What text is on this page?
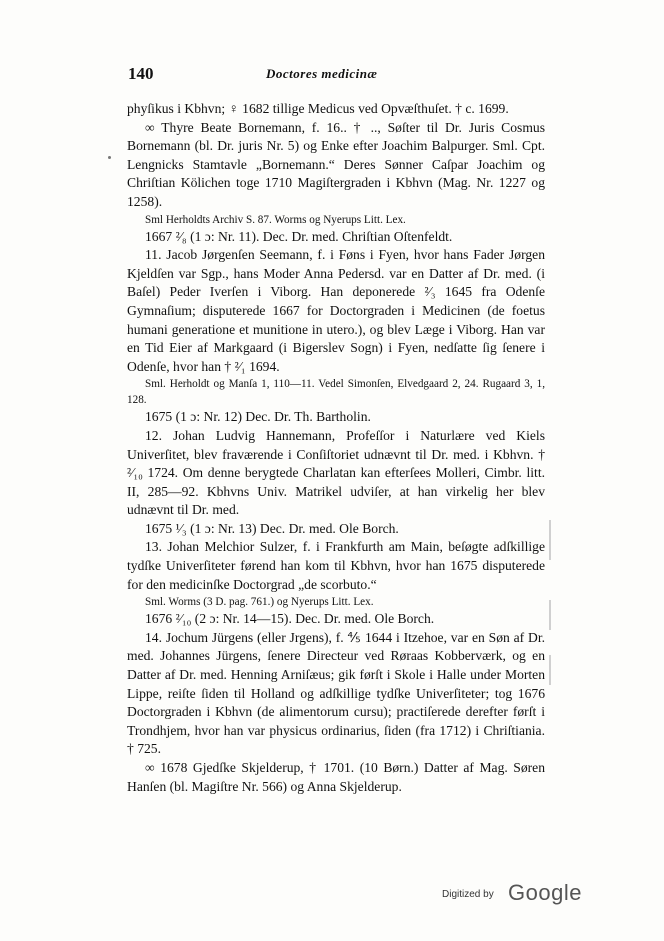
140	Doctores medicinæ

phyſikus i Kbhvn; ♀ 1682 tillige Medicus ved Opvæſthuſet. † c. 1699.

∞ Thyre Beate Bornemann, f. 16.. † .., Søſter til Dr. Juris Cosmus Bornemann (bl. Dr. juris Nr. 5) og Enke efter Joachim Balpurger. Sml. Cpt. Lengnicks Stamtavle „Bornemann.“ Deres Sønner Caſpar Joachim og Chriſtian Kölichen toge 1710 Magiſtergraden i Kbhvn (Mag. Nr. 1227 og 1258).

Sml Herholdts Archiv S. 87. Worms og Nyerups Litt. Lex.

1667 ²⁄₈ (1 ɔ: Nr. 11). Dec. Dr. med. Chriſtian Oſtenfeldt.

11. Jacob Jørgenſen Seemann, f. i Føns i Fyen, hvor hans Fader Jørgen Kjeldſen var Sgp., hans Moder Anna Pedersd. var en Datter af Dr. med. (i Baſel) Peder Iverſen i Viborg. Han deponerede ²⁄₃ 1645 fra Odenſe Gymnaſium; disputerede 1667 for Doctorgraden i Medicinen (de foetus humani generatione et munitione in utero.), og blev Læge i Viborg. Han var en Tid Eier af Markgaard (i Bigerslev Sogn) i Fyen, nedſatte ſig ſenere i Odenſe, hvor han † ²⁄₁ 1694.

Sml. Herholdt og Manſa 1, 110—11. Vedel Simonſen, Elvedgaard 2, 24. Rugaard 3, 1, 128.

1675 (1 ɔ: Nr. 12) Dec. Dr. Th. Bartholin.

12. Johan Ludvig Hannemann, Profeſſor i Naturlære ved Kiels Univerſitet, blev fraværende i Conſiſtoriet udnævnt til Dr. med. i Kbhvn. † ²⁄₁₀ 1724. Om denne berygtede Charlatan kan efterſees Molleri, Cimbr. litt. II, 285—92. Kbhvns Univ. Matrikel udviſer, at han virkelig her blev udnævnt til Dr. med.

1675 ¹⁄₃ (1 ɔ: Nr. 13) Dec. Dr. med. Ole Borch.

13. Johan Melchior Sulzer, f. i Frankfurth am Main, beſøgte adſkillige tydſke Univerſiteter førend han kom til Kbhvn, hvor han 1675 disputerede for den medicinſke Doctorgrad „de scorbuto.“

Sml. Worms (3 D. pag. 761.) og Nyerups Litt. Lex.

1676 ²⁄₁₀ (2 ɔ: Nr. 14—15). Dec. Dr. med. Ole Borch.

14. Jochum Jürgens (eller Jrgens), f. ⅘ 1644 i Itzehoe, var en Søn af Dr. med. Johannes Jürgens, ſenere Directeur ved Røraas Kobberværk, og en Datter af Dr. med. Henning Arniſæus; gik førſt i Skole i Halle under Morten Lippe, reiſte ſiden til Holland og adſkillige tydſke Univerſiteter; tog 1676 Doctorgraden i Kbhvn (de alimentorum cursu); practiſerede derefter førſt i Trondhjem, hvor han var physicus ordinarius, ſiden (fra 1712) i Chriſtiania. † 725.

∞ 1678 Gjedſke Skjelderup, † 1701. (10 Børn.) Datter af Mag. Søren Hanſen (bl. Magiſtre Nr. 566) og Anna Skjelderup.

Digitized by Google
